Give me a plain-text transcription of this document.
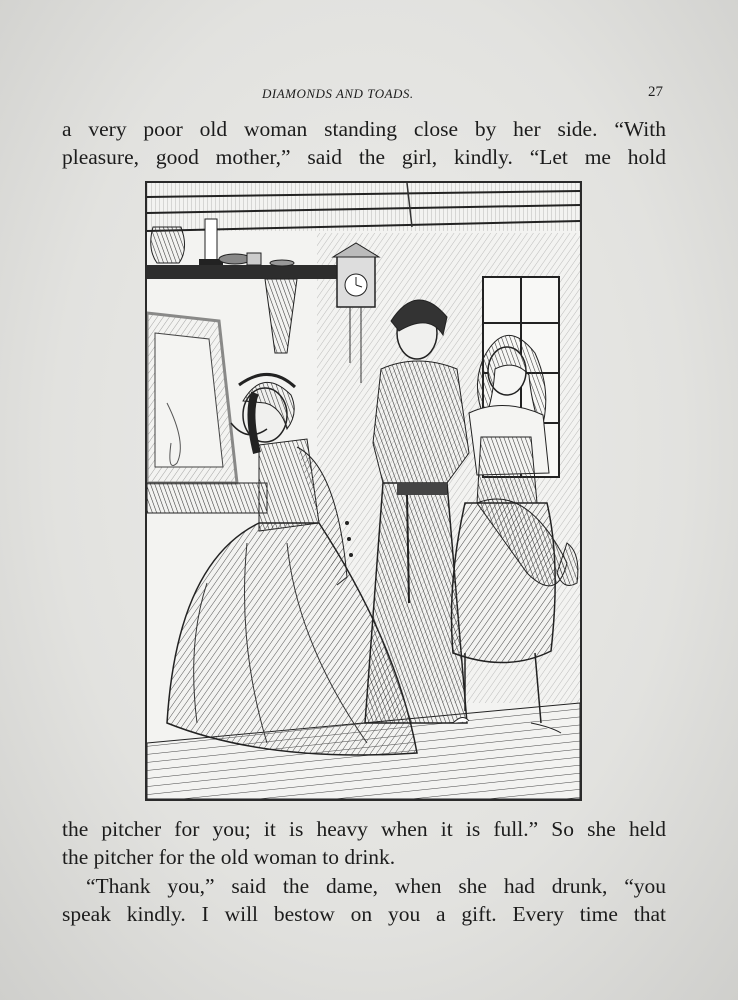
DIAMONDS AND TOADS.	27
a very poor old woman standing close by her side. “With
pleasure, good mother,” said the girl, kindly. “Let me hold
the pitcher for you; it is heavy when it is full.” So she held
the pitcher for the old woman to drink.
“Thank you,” said the dame, when she had drunk, “you
speak kindly. I will bestow on you a gift. Every time that
